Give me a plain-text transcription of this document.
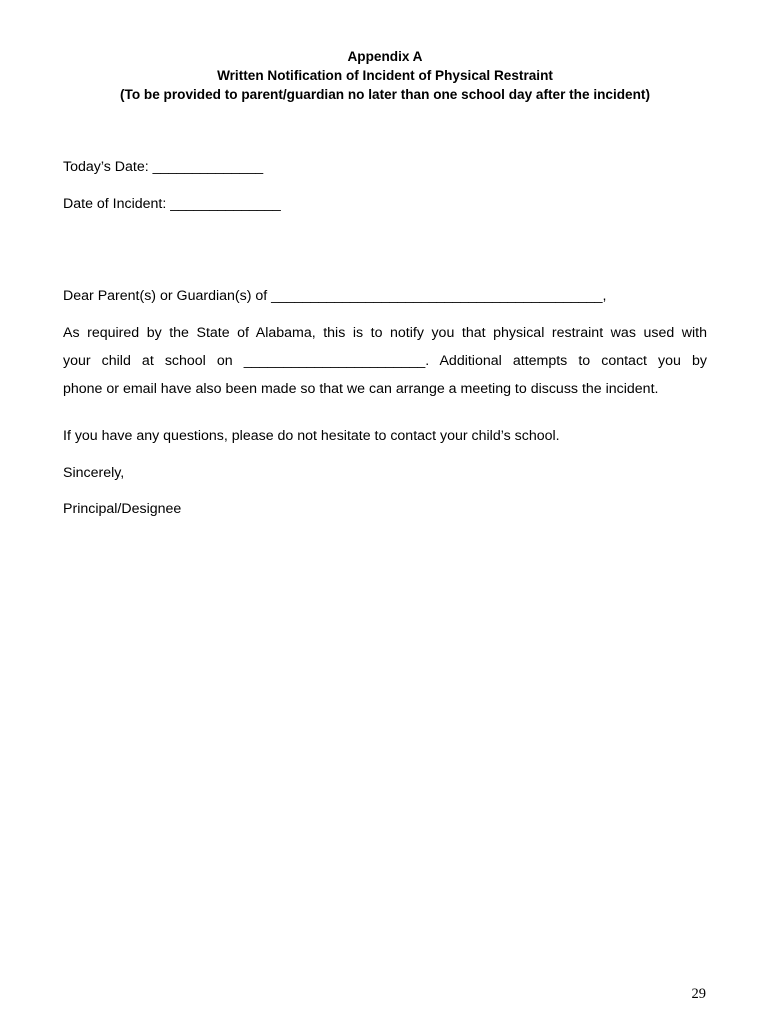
Appendix A
Written Notification of Incident of Physical Restraint
(To be provided to parent/guardian no later than one school day after the incident)
Today’s Date: ______________
Date of Incident: ______________
Dear Parent(s) or Guardian(s) of __________________________________________,
As required by the State of Alabama, this is to notify you that physical restraint was used with
your child at school on _______________________. Additional attempts to contact you by
phone or email have also been made so that we can arrange a meeting to discuss the incident.
If you have any questions, please do not hesitate to contact your child’s school.
Sincerely,
Principal/Designee
29
